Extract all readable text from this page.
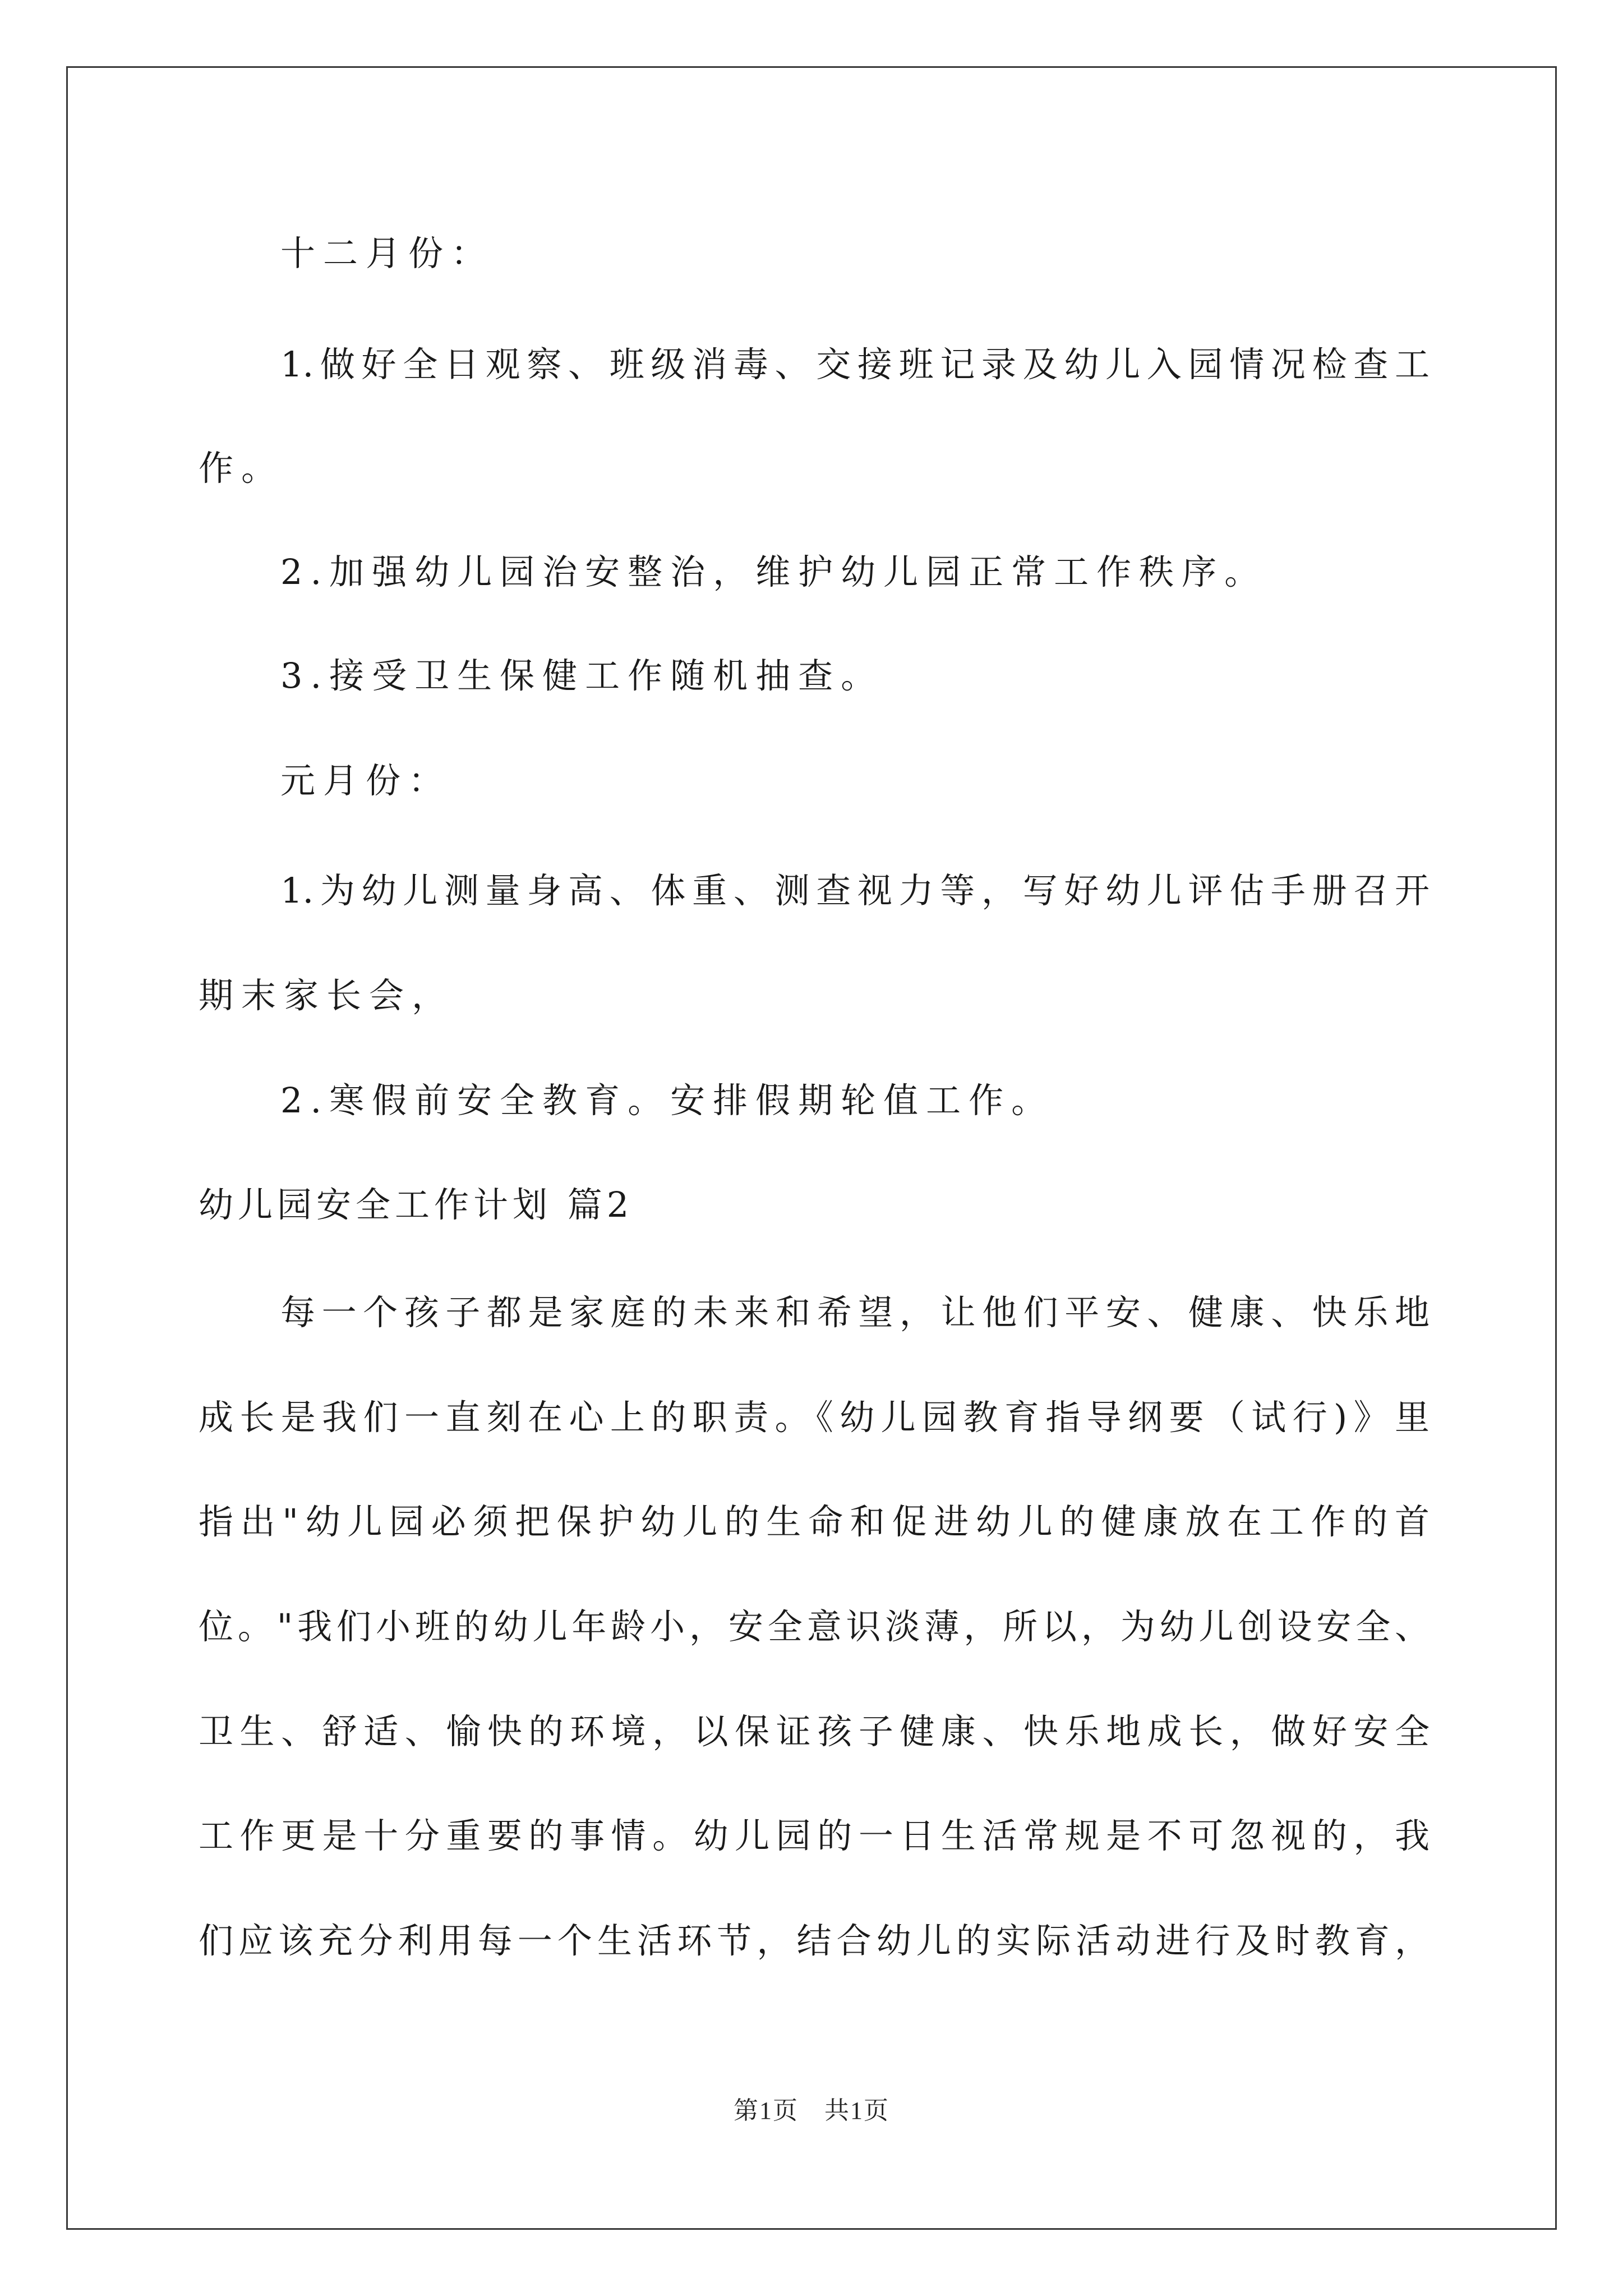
十二月份：
1.做好全日观察、班级消毒、交接班记录及幼儿入园情况检查工
作。
2.加强幼儿园治安整治，维护幼儿园正常工作秩序。
3.接受卫生保健工作随机抽查。
元月份：
1.为幼儿测量身高、体重、测查视力等，写好幼儿评估手册召开
期末家长会，
2.寒假前安全教育。安排假期轮值工作。
幼儿园安全工作计划 篇2
每一个孩子都是家庭的未来和希望，让他们平安、健康、快乐地
成长是我们一直刻在心上的职责。《幼儿园教育指导纲要（试行)》里
指出"幼儿园必须把保护幼儿的生命和促进幼儿的健康放在工作的首
位。"我们小班的幼儿年龄小，安全意识淡薄，所以，为幼儿创设安全、
卫生、舒适、愉快的环境，以保证孩子健康、快乐地成长，做好安全
工作更是十分重要的事情。幼儿园的一日生活常规是不可忽视的，我
们应该充分利用每一个生活环节，结合幼儿的实际活动进行及时教育，
第1页　共1页
